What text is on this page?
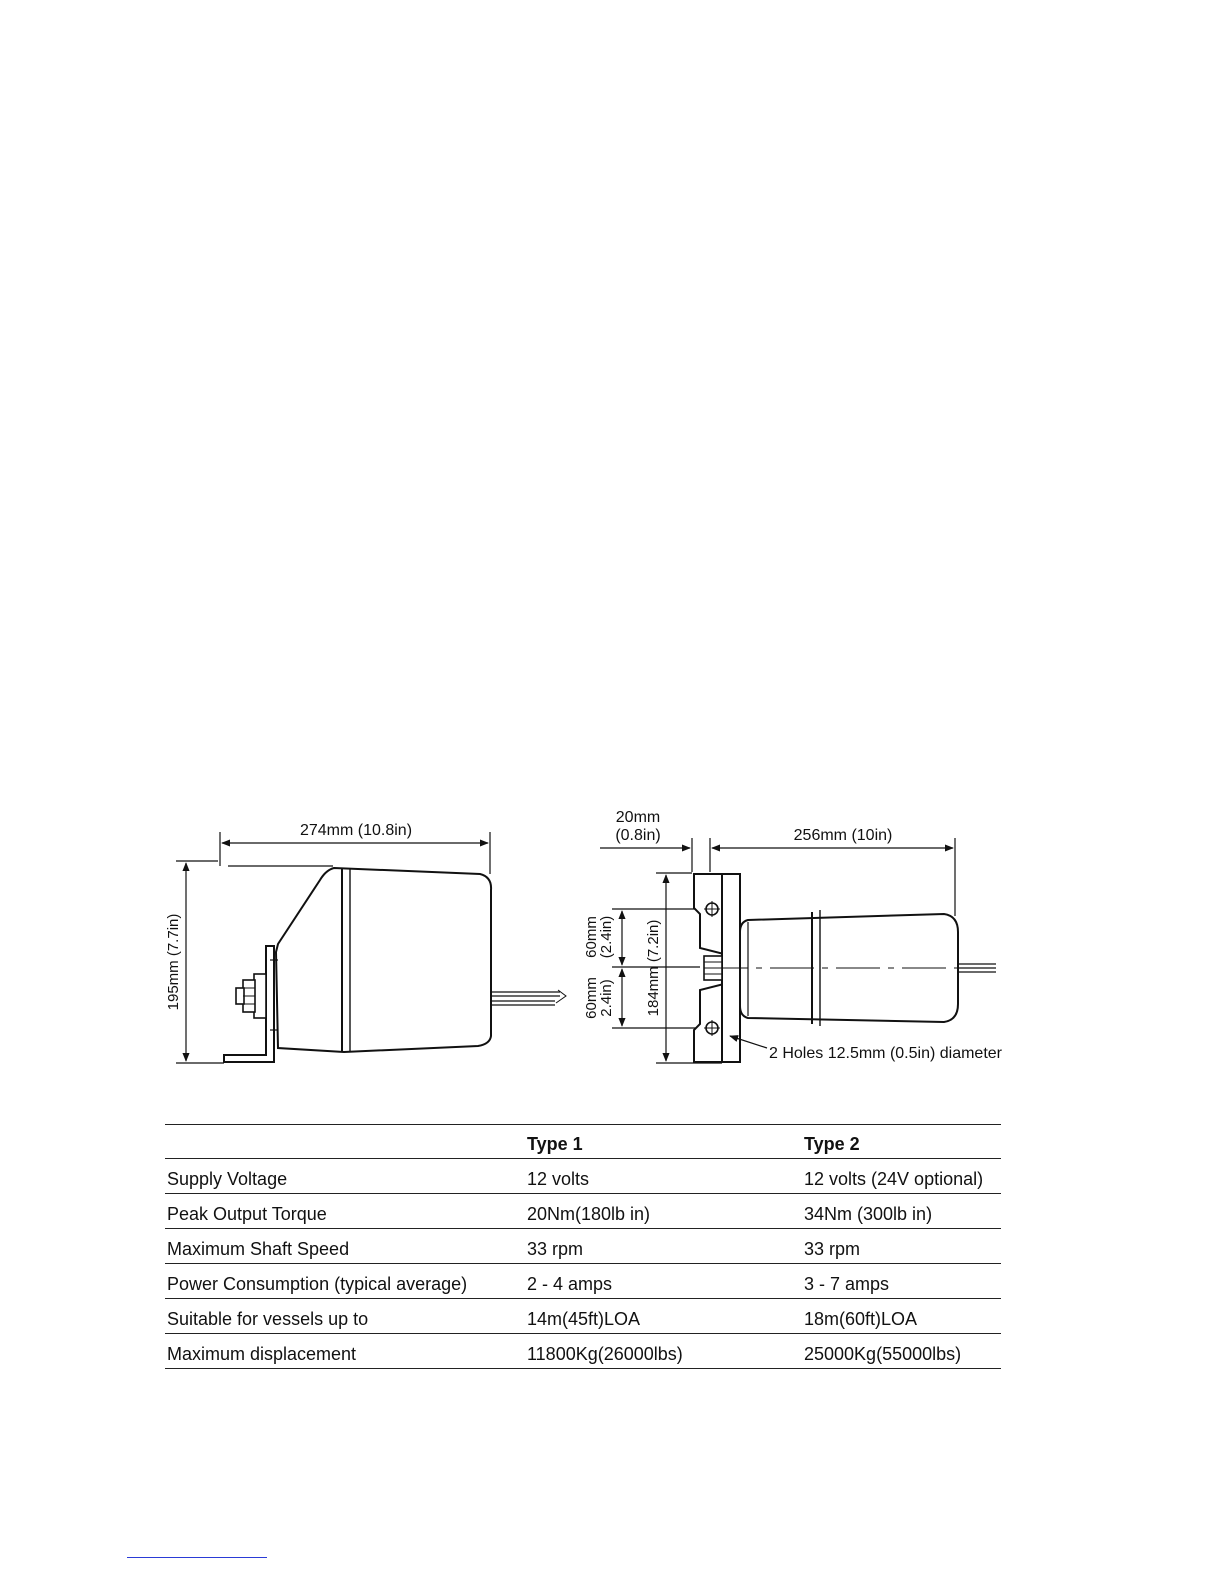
274mm (10.8in)
195mm (7.7in)
20mm
(0.8in)	256mm (10in)
60mm
(2.4in)
60mm
2.4in) 184mm (7.2in)
2 Holes 12.5mm (0.5in) diameter
	Type 1	Type 2
Supply Voltage	12 volts	12 volts (24V optional)
Peak Output Torque	20Nm(180lb in)	34Nm (300lb in)
Maximum Shaft Speed	33 rpm	33 rpm
Power Consumption (typical average)	2 - 4 amps	3 - 7 amps
Suitable for vessels up to	14m(45ft)LOA	18m(60ft)LOA
Maximum displacement	11800Kg(26000lbs)	25000Kg(55000lbs)
